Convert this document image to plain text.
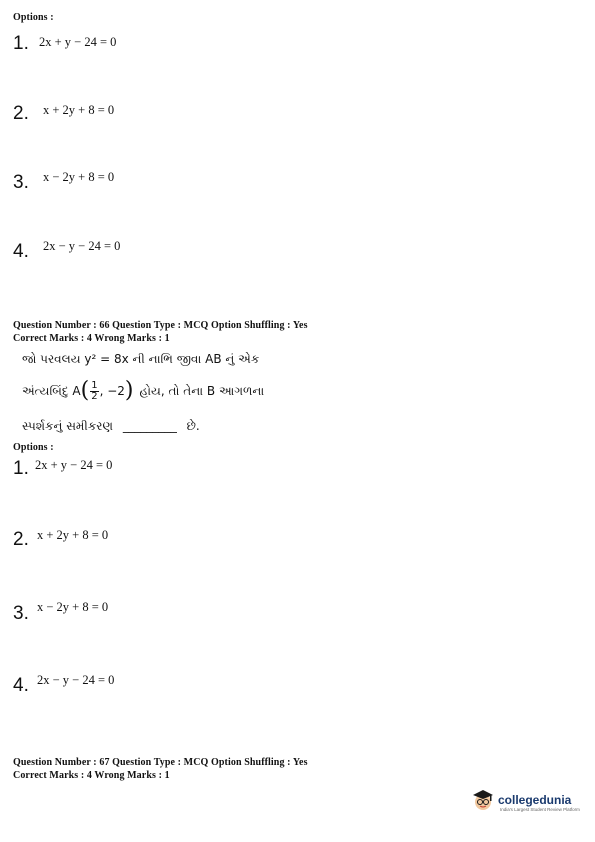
Options :
1. 2x + y − 24 = 0
2. x + 2y + 8 = 0
3. x − 2y + 8 = 0
4. 2x − y − 24 = 0
Question Number : 66 Question Type : MCQ Option Shuffling : Yes
Correct Marks : 4 Wrong Marks : 1
જો પરવલય y² = 8x ની નાભિ જીવા AB નું એક
અંત્યબિંદુ A ( $\frac{1}{2}$ , −2 ) હોય, તો તેના B આગળના
સ્પર્શકનું સમીકરણ _________ છે.
Options :
1. 2x + y − 24 = 0
2. x + 2y + 8 = 0
3. x − 2y + 8 = 0
4. 2x − y − 24 = 0
Question Number : 67 Question Type : MCQ Option Shuffling : Yes
Correct Marks : 4 Wrong Marks : 1
collegedunia
India's Largest Student Review Platform
